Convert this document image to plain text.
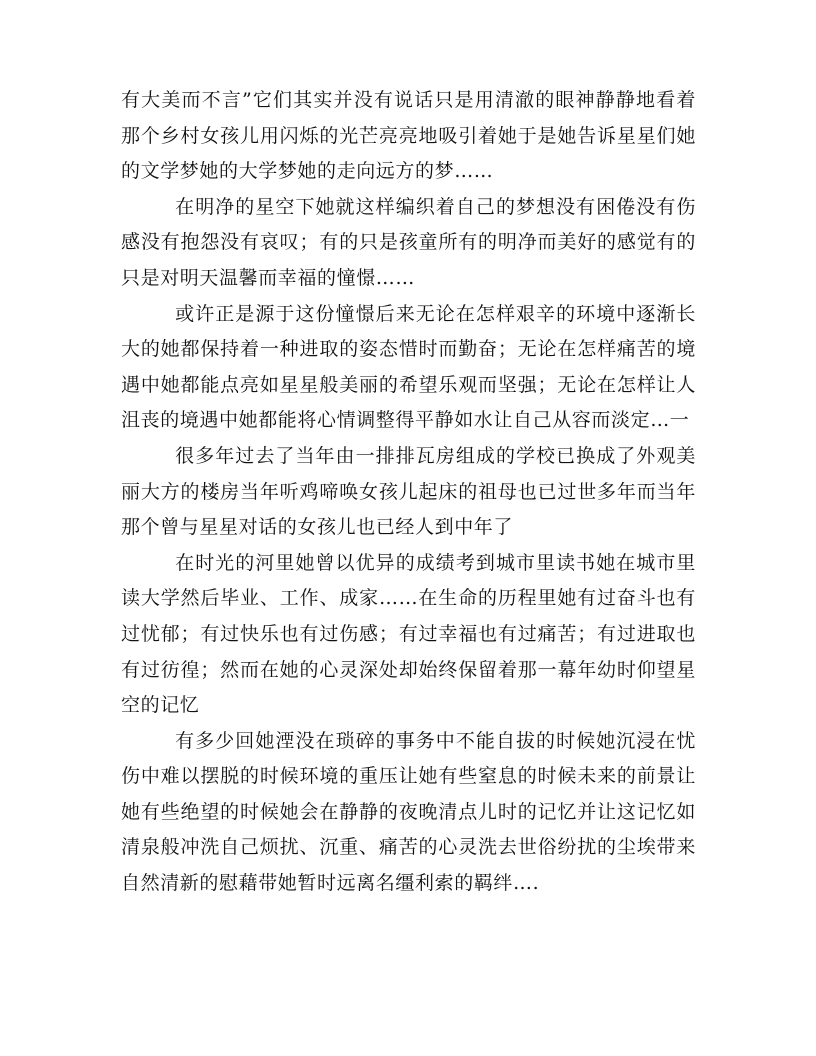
有大美而不言”它们其实并没有说话只是用清澈的眼神静静地看着那个乡村女孩儿用闪烁的光芒亮亮地吸引着她于是她告诉星星们她的文学梦她的大学梦她的走向远方的梦……

在明净的星空下她就这样编织着自己的梦想没有困倦没有伤感没有抱怨没有哀叹；有的只是孩童所有的明净而美好的感觉有的只是对明天温馨而幸福的憧憬……

或许正是源于这份憧憬后来无论在怎样艰辛的环境中逐渐长大的她都保持着一种进取的姿态惜时而勤奋；无论在怎样痛苦的境遇中她都能点亮如星星般美丽的希望乐观而坚强；无论在怎样让人沮丧的境遇中她都能将心情调整得平静如水让自己从容而淡定…一

很多年过去了当年由一排排瓦房组成的学校已换成了外观美丽大方的楼房当年听鸡啼唤女孩儿起床的祖母也已过世多年而当年那个曾与星星对话的女孩儿也已经人到中年了

在时光的河里她曾以优异的成绩考到城市里读书她在城市里读大学然后毕业、工作、成家……在生命的历程里她有过奋斗也有过忧郁；有过快乐也有过伤感；有过幸福也有过痛苦；有过进取也有过彷徨；然而在她的心灵深处却始终保留着那一幕年幼时仰望星空的记忆

有多少回她湮没在琐碎的事务中不能自拔的时候她沉浸在忧伤中难以摆脱的时候环境的重压让她有些窒息的时候未来的前景让她有些绝望的时候她会在静静的夜晚清点儿时的记忆并让这记忆如清泉般冲洗自己烦扰、沉重、痛苦的心灵洗去世俗纷扰的尘埃带来自然清新的慰藉带她暂时远离名缰利索的羁绊….
